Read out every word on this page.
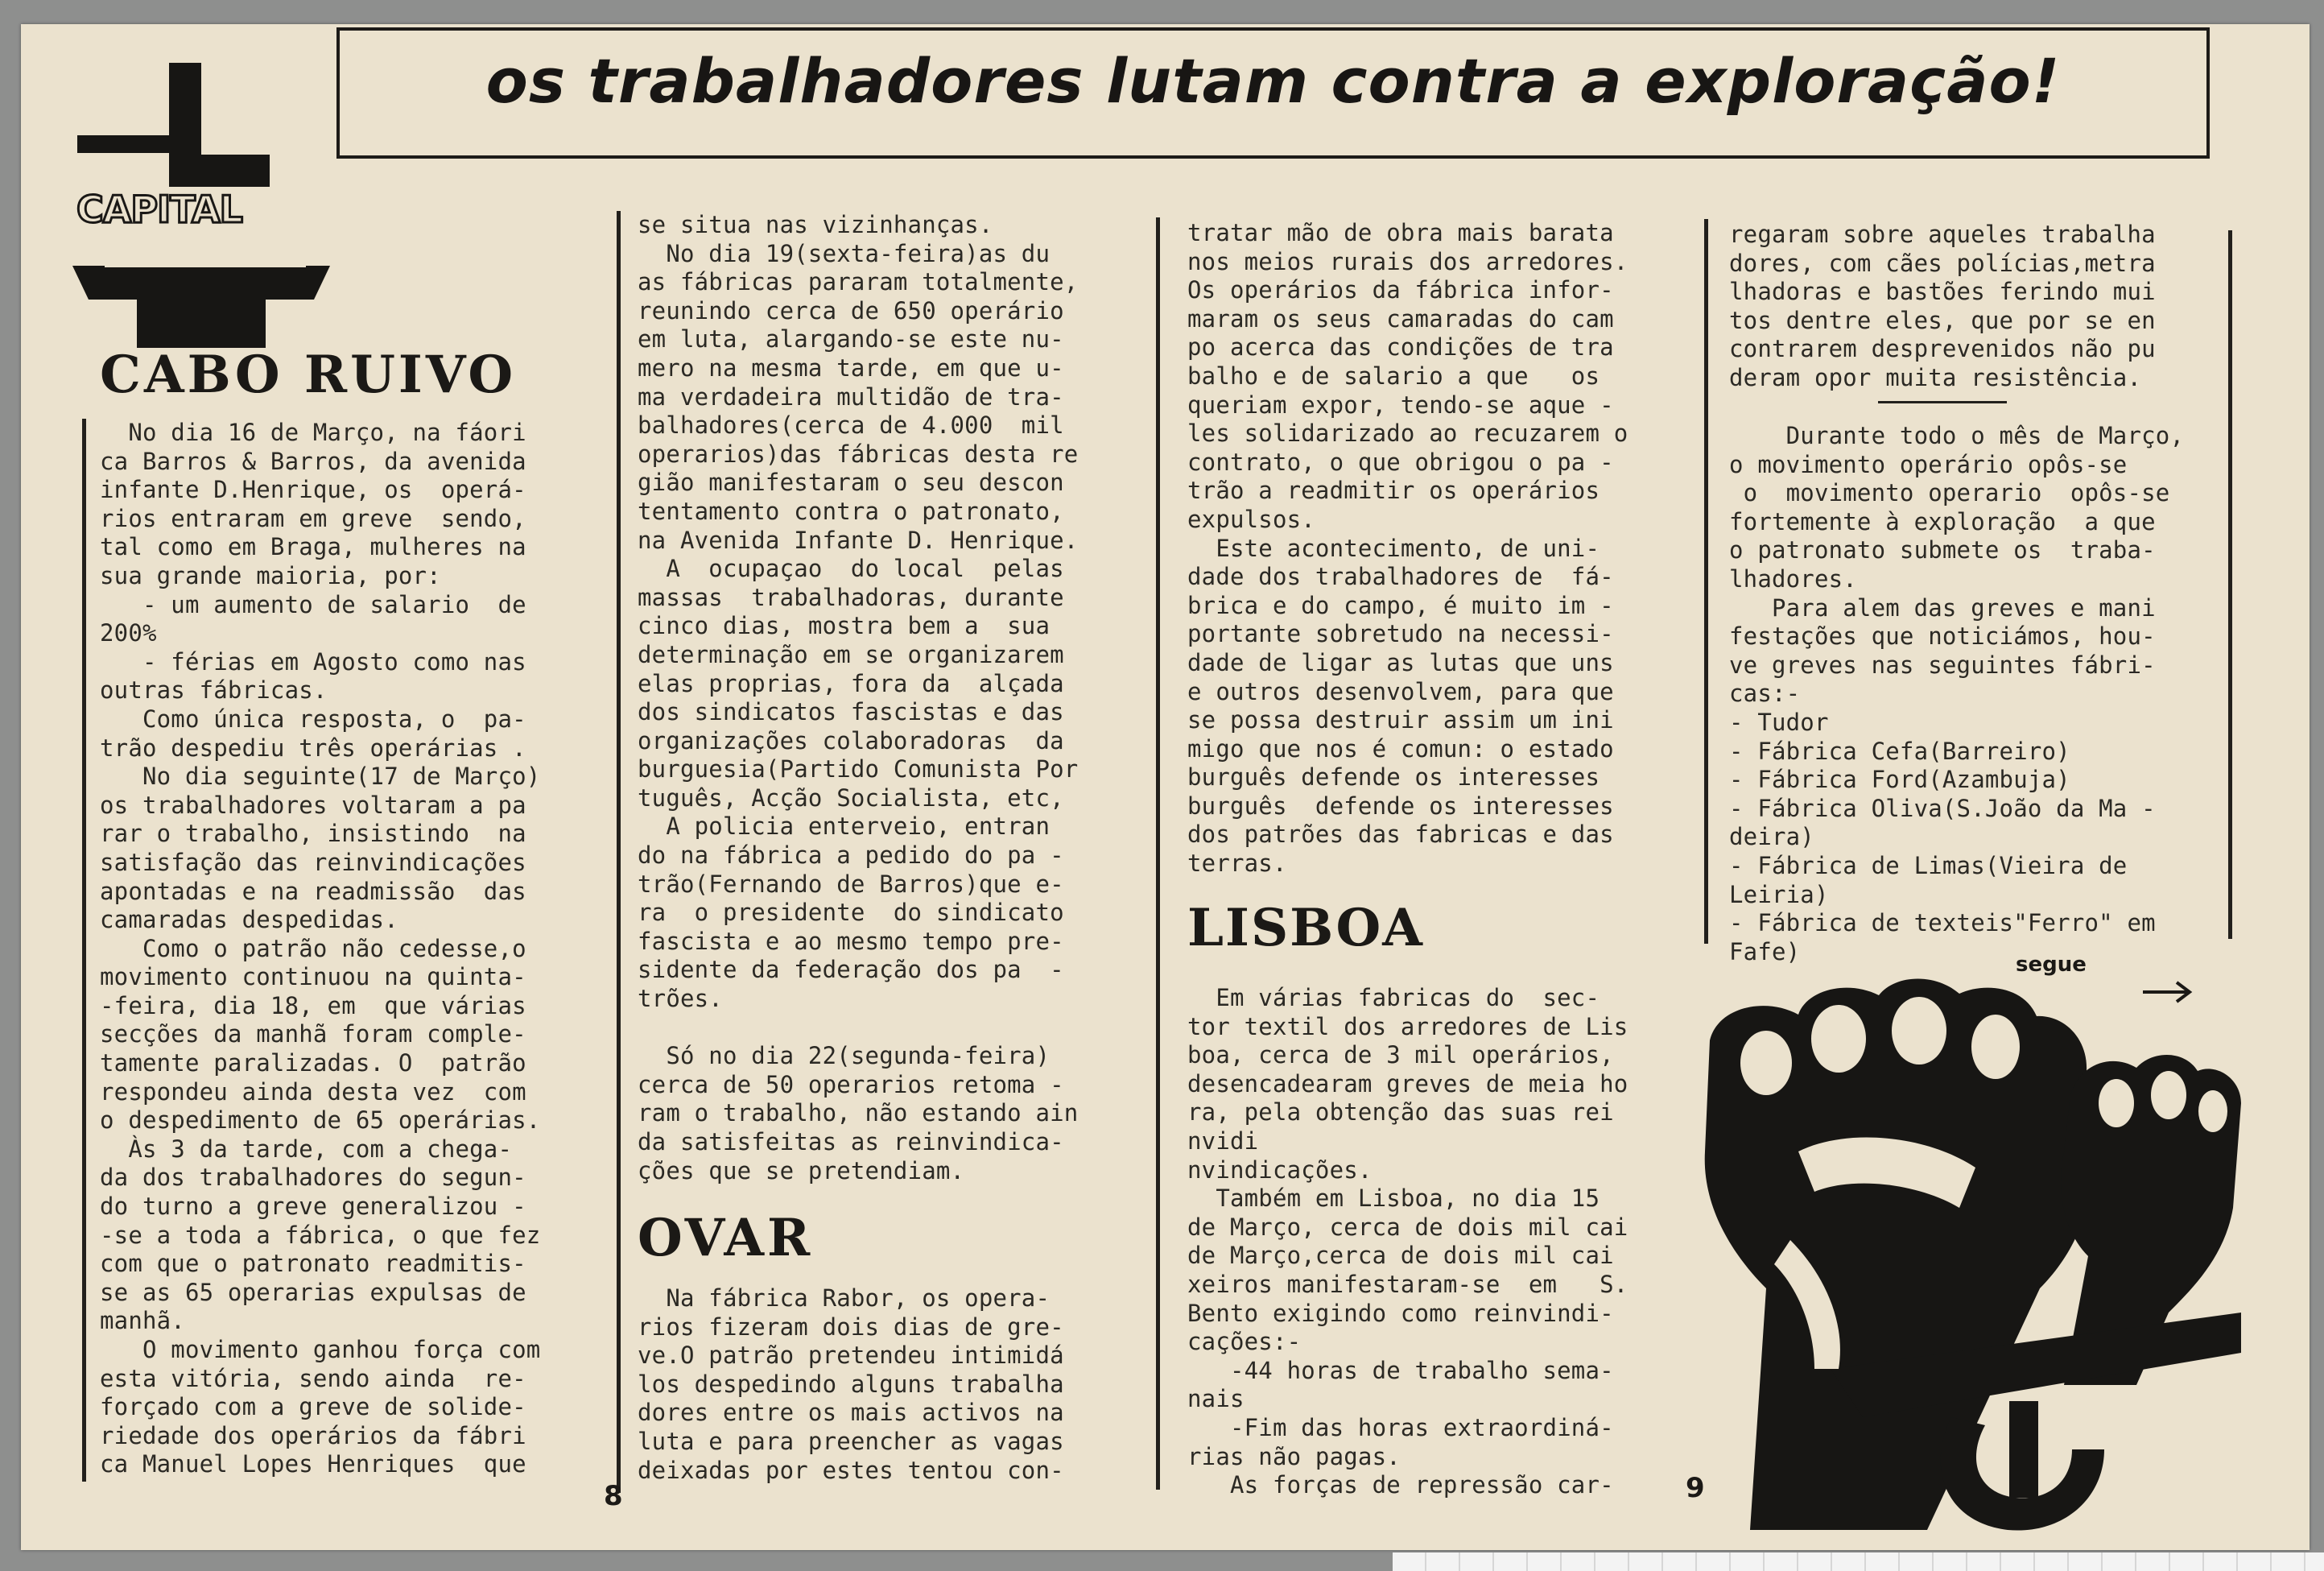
CAPITAL
os trabalhadores lutam contra a exploração!
CABO RUIVO
No dia 16 de Março, na fáori
ca Barros & Barros, da avenida
infante D.Henrique, os  operá-
rios entraram em greve  sendo,
tal como em Braga, mulheres na
sua grande maioria, por:
- um aumento de salario  de
200%
- férias em Agosto como nas
outras fábricas.
Como única resposta, o  pa-
trão despediu três operárias .
No dia seguinte(17 de Março)
os trabalhadores voltaram a pa
rar o trabalho, insistindo  na
satisfação das reinvindicações
apontadas e na readmissão  das
camaradas despedidas.
Como o patrão não cedesse,o
movimento continuou na quinta-
-feira, dia 18, em  que várias
secções da manhã foram comple-
tamente paralizadas. O  patrão
respondeu ainda desta vez  com
o despedimento de 65 operárias.
Às 3 da tarde, com a chega-
da dos trabalhadores do segun-
do turno a greve generalizou -
-se a toda a fábrica, o que fez
com que o patronato readmitis-
se as 65 operarias expulsas de
manhã.
O movimento ganhou força com
esta vitória, sendo ainda  re-
forçado com a greve de solide-
riedade dos operários da fábri
ca Manuel Lopes Henriques  que
se situa nas vizinhanças.
No dia 19(sexta-feira)as du
as fábricas pararam totalmente,
reunindo cerca de 650 operário
em luta, alargando-se este nu-
mero na mesma tarde, em que u-
ma verdadeira multidão de tra-
balhadores(cerca de 4.000  mil
operarios)das fábricas desta re
gião manifestaram o seu descon
tentamento contra o patronato,
na Avenida Infante D. Henrique.
A  ocupaçao  do local  pelas
massas  trabalhadoras, durante
cinco dias, mostra bem a  sua
determinação em se organizarem
elas proprias, fora da  alçada
dos sindicatos fascistas e das
organizações colaboradoras  da
burguesia(Partido Comunista Por
tuguês, Acção Socialista, etc,
A policia enterveio, entran
do na fábrica a pedido do pa -
trão(Fernando de Barros)que e-
ra  o presidente  do sindicato
fascista e ao mesmo tempo pre-
sidente da federação dos pa  -
trões.

Só no dia 22(segunda-feira)
cerca de 50 operarios retoma -
ram o trabalho, não estando ain
da satisfeitas as reinvindica-
ções que se pretendiam.
OVAR
Na fábrica Rabor, os opera-
rios fizeram dois dias de gre-
ve.O patrão pretendeu intimidá
los despedindo alguns trabalha
dores entre os mais activos na
luta e para preencher as vagas
deixadas por estes tentou con-
tratar mão de obra mais barata
nos meios rurais dos arredores.
Os operários da fábrica infor-
maram os seus camaradas do cam
po acerca das condições de tra
balho e de salario a que   os
queriam expor, tendo-se aque -
les solidarizado ao recuzarem o
contrato, o que obrigou o pa -
trão a readmitir os operários
expulsos.
Este acontecimento, de uni-
dade dos trabalhadores de  fá-
brica e do campo, é muito im -
portante sobretudo na necessi-
dade de ligar as lutas que uns
e outros desenvolvem, para que
se possa destruir assim um ini
migo que nos é comun: o estado
burguês defende os interesses
burguês  defende os interesses
dos patrões das fabricas e das
terras.
LISBOA
Em várias fabricas do  sec-
tor textil dos arredores de Lis
boa, cerca de 3 mil operários,
desencadearam greves de meia ho
ra, pela obtenção das suas rei
nvidi
nvindicações.
Também em Lisboa, no dia 15
de Março, cerca de dois mil cai
de Março,cerca de dois mil cai
xeiros manifestaram-se  em   S.
Bento exigindo como reinvindi-
cações:-
-44 horas de trabalho sema-
nais
-Fim das horas extraordiná-
rias não pagas.
As forças de repressão car-
regaram sobre aqueles trabalha
dores, com cães polícias,metra
lhadoras e bastões ferindo mui
tos dentre eles, que por se en
contrarem desprevenidos não pu
deram opor muita resistência.
Durante todo o mês de Março,
o movimento operário opôs-se
o  movimento operario  opôs-se
fortemente à exploração  a que
o patronato submete os  traba-
lhadores.
Para alem das greves e mani
festações que noticiámos, hou-
ve greves nas seguintes fábri-
cas:-
- Tudor
- Fábrica Cefa(Barreiro)
- Fábrica Ford(Azambuja)
- Fábrica Oliva(S.João da Ma -
deira)
- Fábrica de Limas(Vieira de
Leiria)
- Fábrica de texteis"Ferro" em
Fafe)	segue
8	9
